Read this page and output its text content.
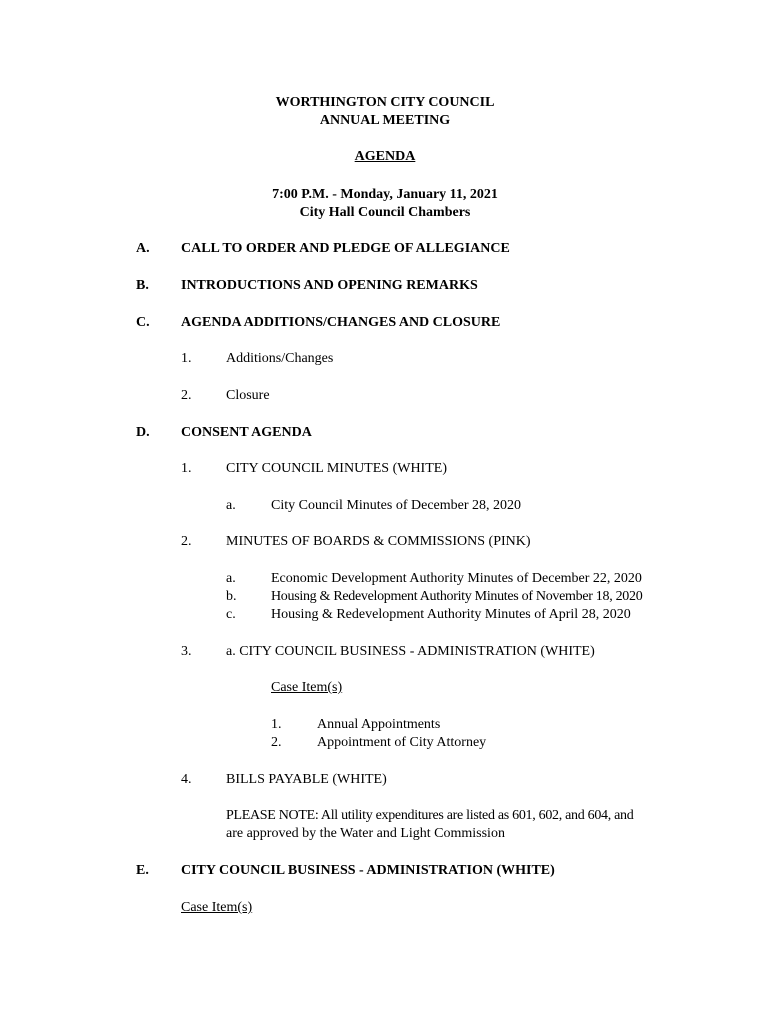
WORTHINGTON CITY COUNCIL
ANNUAL MEETING
AGENDA
7:00 P.M. - Monday, January 11, 2021
City Hall Council Chambers
A. CALL TO ORDER AND PLEDGE OF ALLEGIANCE
B. INTRODUCTIONS AND OPENING REMARKS
C. AGENDA ADDITIONS/CHANGES AND CLOSURE
1. Additions/Changes
2. Closure
D. CONSENT AGENDA
1. CITY COUNCIL MINUTES (WHITE)
a.	City Council Minutes of December 28, 2020
2. MINUTES OF BOARDS & COMMISSIONS (PINK)
a.	Economic Development Authority Minutes of December 22, 2020
b. Housing & Redevelopment Authority Minutes of November 18, 2020
c.	Housing & Redevelopment Authority Minutes of April 28, 2020
3. a. CITY COUNCIL BUSINESS - ADMINISTRATION (WHITE)
Case Item(s)
1.	Annual Appointments
2.	Appointment of City Attorney
4. BILLS PAYABLE (WHITE)
PLEASE NOTE: All utility expenditures are listed as 601, 602, and 604, and
are approved by the Water and Light Commission
E. CITY COUNCIL BUSINESS - ADMINISTRATION (WHITE)
Case Item(s)
